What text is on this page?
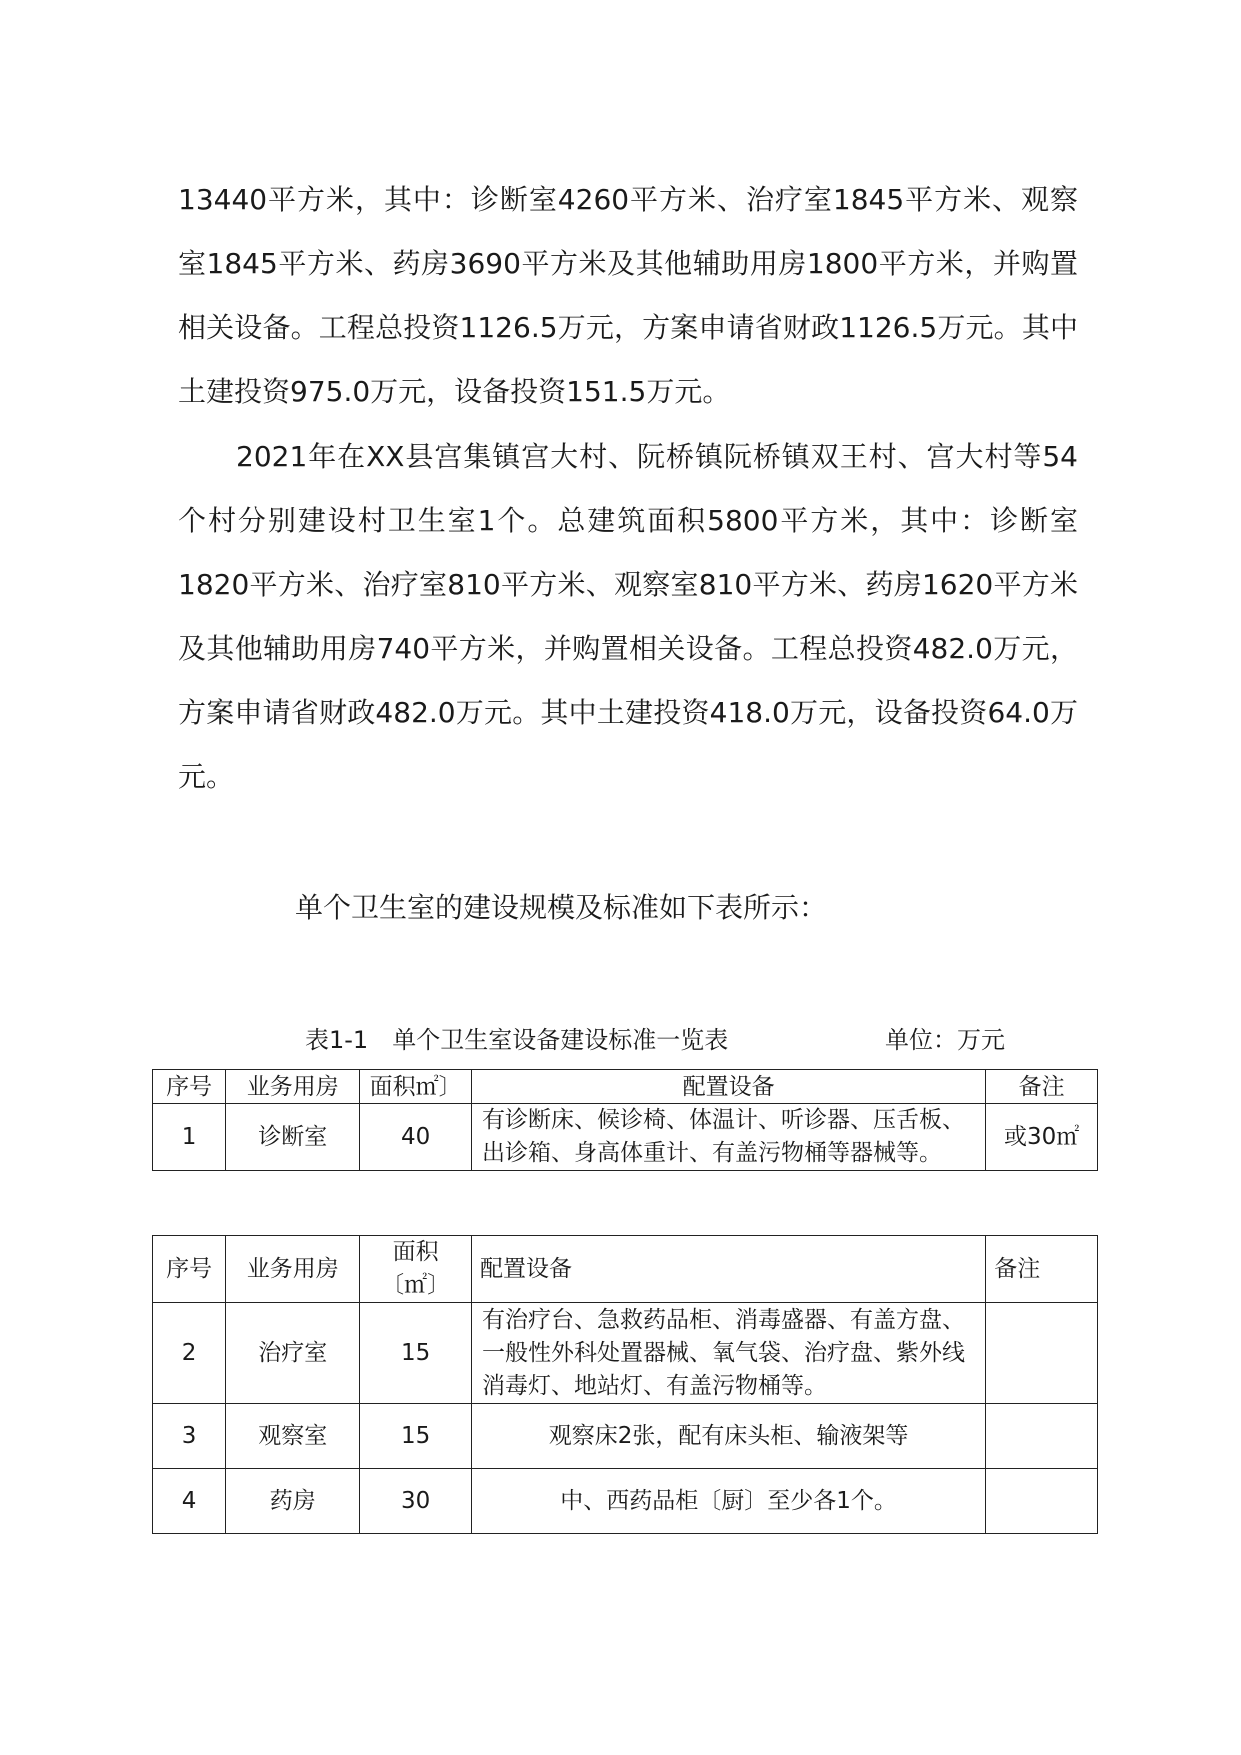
13440平方米，其中：诊断室4260平方米、治疗室1845平方米、观察室1845平方米、药房3690平方米及其他辅助用房1800平方米，并购置相关设备。工程总投资1126.5万元，方案申请省财政1126.5万元。其中土建投资975.0万元，设备投资151.5万元。

2021年在XX县宫集镇宫大村、阮桥镇阮桥镇双王村、宫大村等54个村分别建设村卫生室1个。总建筑面积5800平方米，其中：诊断室1820平方米、治疗室810平方米、观察室810平方米、药房1620平方米及其他辅助用房740平方米，并购置相关设备。工程总投资482.0万元，方案申请省财政482.0万元。其中土建投资418.0万元，设备投资64.0万元。

单个卫生室的建设规模及标准如下表所示：
表1-1　单个卫生室设备建设标准一览表	单位：万元
序号	业务用房	面积㎡〕	配置设备	备注
1	诊断室	40	有诊断床、候诊椅、体温计、听诊器、压舌板、出诊箱、身高体重计、有盖污物桶等器械等。	或30㎡
序号	业务用房	面积〔㎡〕	配置设备	备注
2	治疗室	15	有治疗台、急救药品柜、消毒盛器、有盖方盘、一般性外科处置器械、氧气袋、治疗盘、紫外线消毒灯、地站灯、有盖污物桶等。	
3	观察室	15	观察床2张，配有床头柜、输液架等	
4	药房	30	中、西药品柜〔厨〕至少各1个。	
